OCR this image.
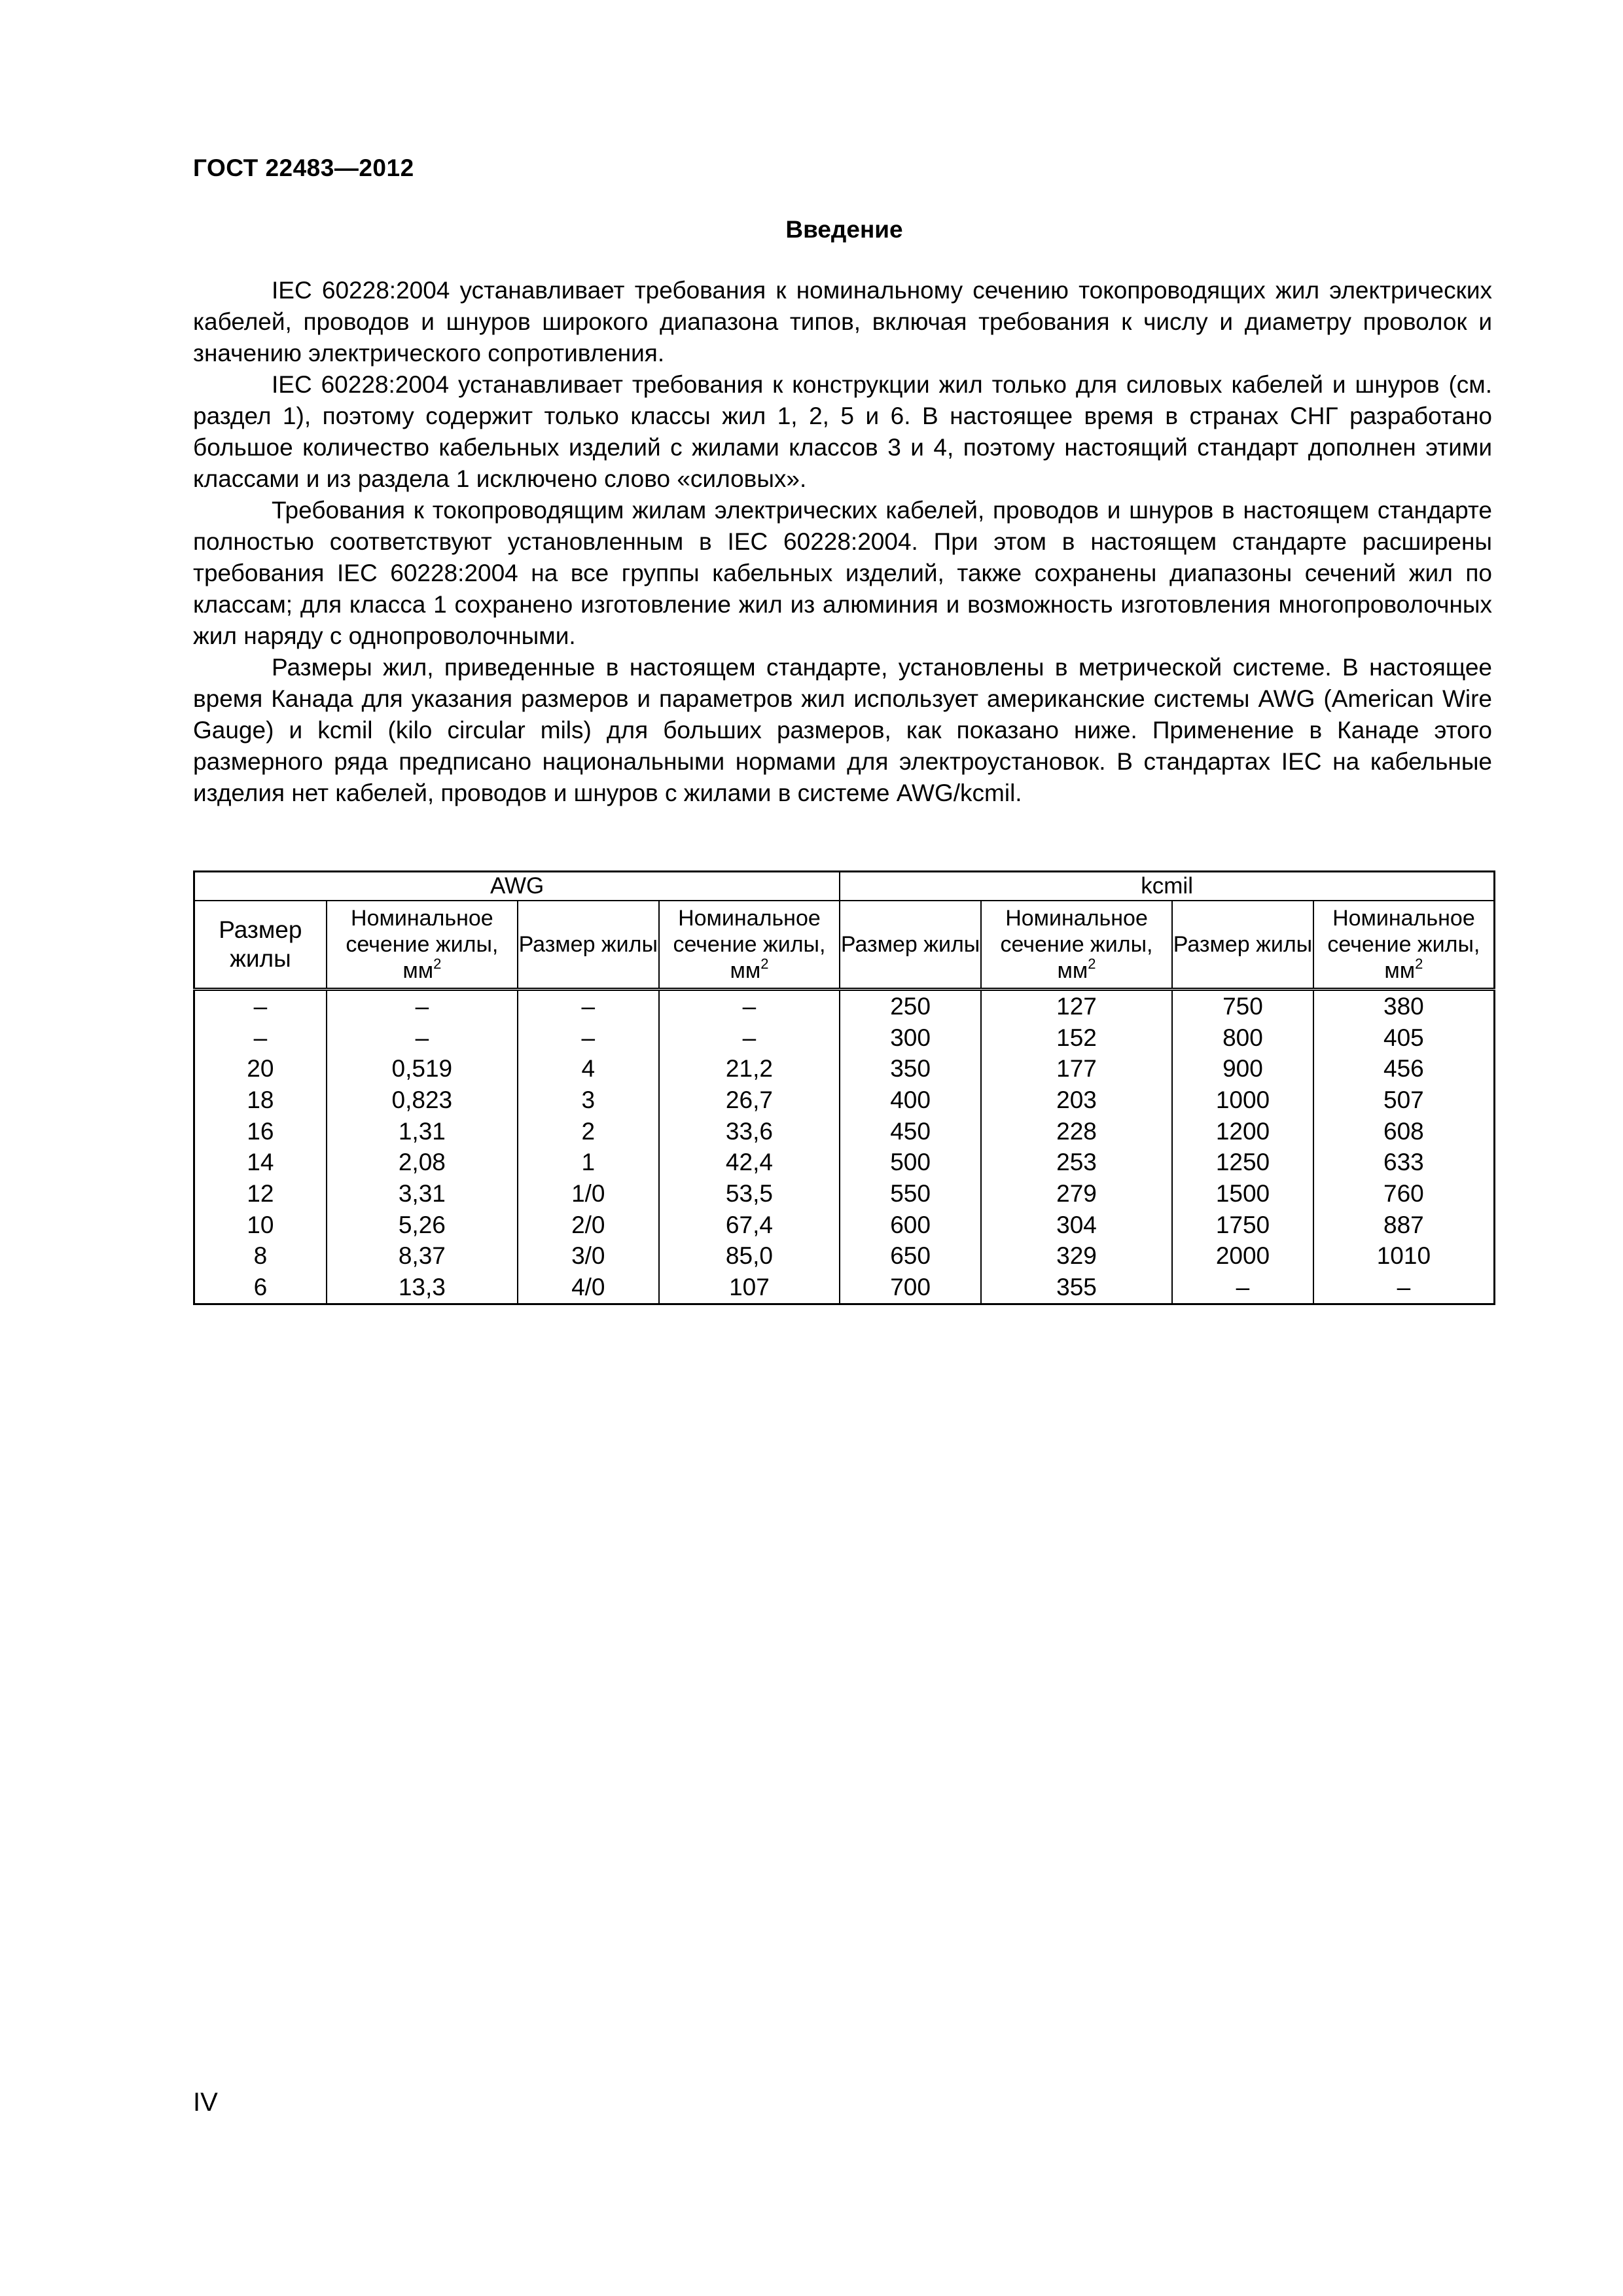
ГОСТ 22483—2012
Введение

IEC 60228:2004 устанавливает требования к номинальному сечению токопроводящих жил электрических кабелей, проводов и шнуров широкого диапазона типов, включая требования к числу и диаметру проволок и значению электрического сопротивления.

IEC 60228:2004 устанавливает требования к конструкции жил только для силовых кабелей и шнуров (см. раздел 1), поэтому содержит только классы жил 1, 2, 5 и 6. В настоящее время в странах СНГ разработано большое количество кабельных изделий с жилами классов 3 и 4, поэтому настоящий стандарт дополнен этими классами и из раздела 1 исключено слово «силовых».

Требования к токопроводящим жилам электрических кабелей, проводов и шнуров в настоящем стандарте полностью соответствуют установленным в IEC 60228:2004. При этом в настоящем стандарте расширены требования IEC 60228:2004 на все группы кабельных изделий, также сохранены диапазоны сечений жил по классам; для класса 1 сохранено изготовление жил из алюминия и возможность изготовления многопроволочных жил наряду с однопроволочными.

Размеры жил, приведенные в настоящем стандарте, установлены в метрической системе. В настоящее время Канада для указания размеров и параметров жил использует американские системы AWG (American Wire Gauge) и kcmil (kilo circular mils) для больших размеров, как показано ниже. Применение в Канаде этого размерного ряда предписано национальными нормами для электроустановок. В стандартах IEC на кабельные изделия нет кабелей, проводов и шнуров с жилами в системе AWG/kcmil.

AWG				kcmil			
Размер жилы	Номинальное сечение жилы, $мм^2$	Размер жилы	Номинальное сечение жилы, $мм^2$	Размер жилы	Номинальное сечение жилы, $мм^2$	Размер жилы	Номинальное сечение жилы, $мм^2$
–	–	–	–	250	127	750	380
–	–	–	–	300	152	800	405
20	0,519	4	21,2	350	177	900	456
18	0,823	3	26,7	400	203	1000	507
16	1,31	2	33,6	450	228	1200	608
14	2,08	1	42,4	500	253	1250	633
12	3,31	1/0	53,5	550	279	1500	760
10	5,26	2/0	67,4	600	304	1750	887
8	8,37	3/0	85,0	650	329	2000	1010
6	13,3	4/0	107	700	355	–	–
IV
